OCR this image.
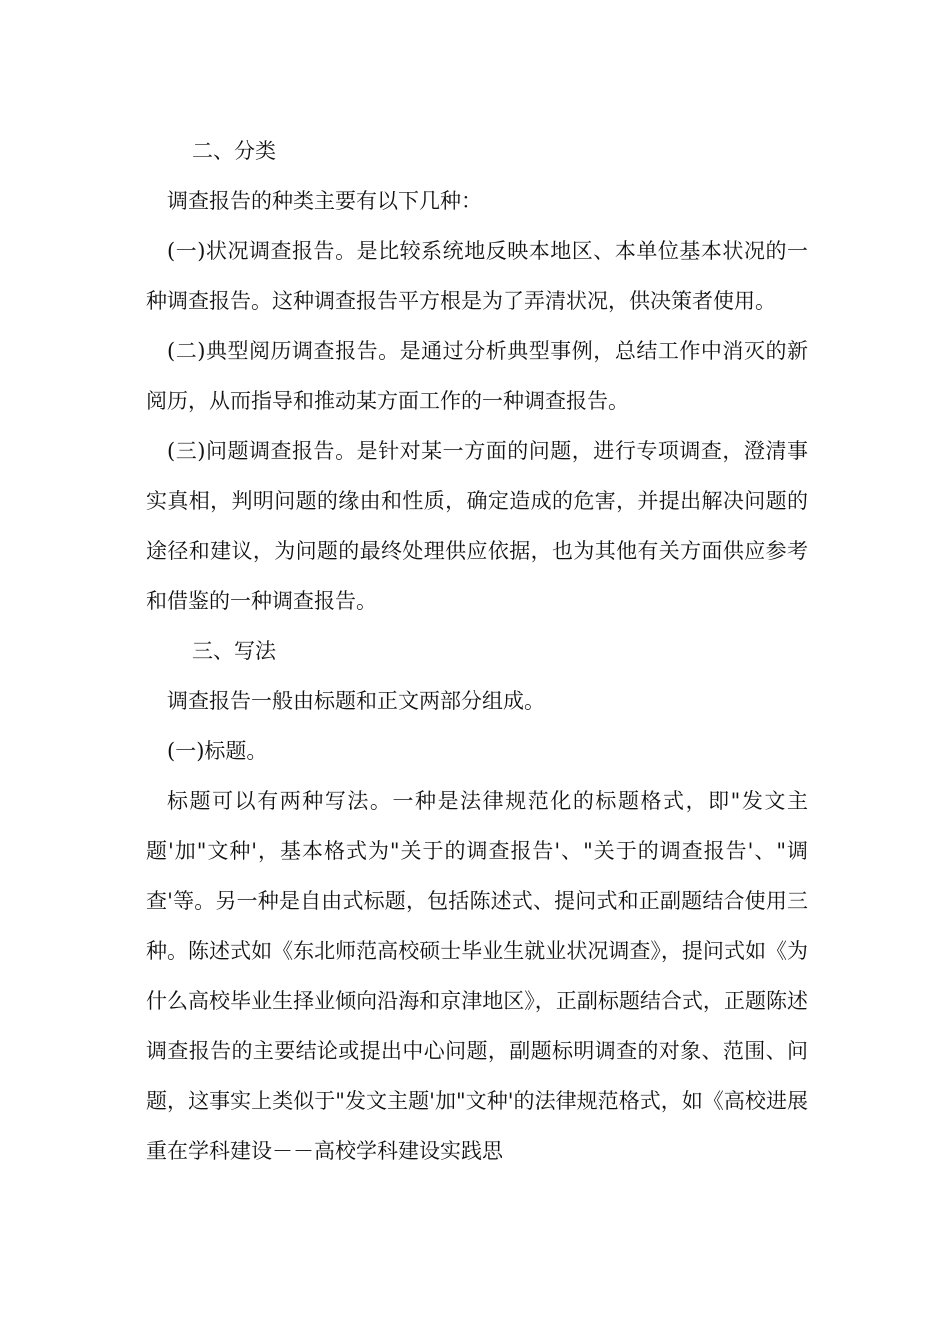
二、分类

调查报告的种类主要有以下几种：

(一)状况调查报告。是比较系统地反映本地区、本单位基本状况的一种调查报告。这种调查报告平方根是为了弄清状况，供决策者使用。

(二)典型阅历调查报告。是通过分析典型事例，总结工作中消灭的新阅历，从而指导和推动某方面工作的一种调查报告。

(三)问题调查报告。是针对某一方面的问题，进行专项调查，澄清事实真相，判明问题的缘由和性质，确定造成的危害，并提出解决问题的途径和建议，为问题的最终处理供应依据，也为其他有关方面供应参考和借鉴的一种调查报告。

三、写法

调查报告一般由标题和正文两部分组成。

(一)标题。

标题可以有两种写法。一种是法律规范化的标题格式，即"发文主题'加"文种'，基本格式为"关于的调查报告'、"关于的调查报告'、"调查'等。另一种是自由式标题，包括陈述式、提问式和正副题结合使用三种。陈述式如《东北师范高校硕士毕业生就业状况调查》，提问式如《为什么高校毕业生择业倾向沿海和京津地区》，正副标题结合式，正题陈述调查报告的主要结论或提出中心问题，副题标明调查的对象、范围、问题，这事实上类似于"发文主题'加"文种'的法律规范格式，如《高校进展重在学科建设－－高校学科建设实践思
